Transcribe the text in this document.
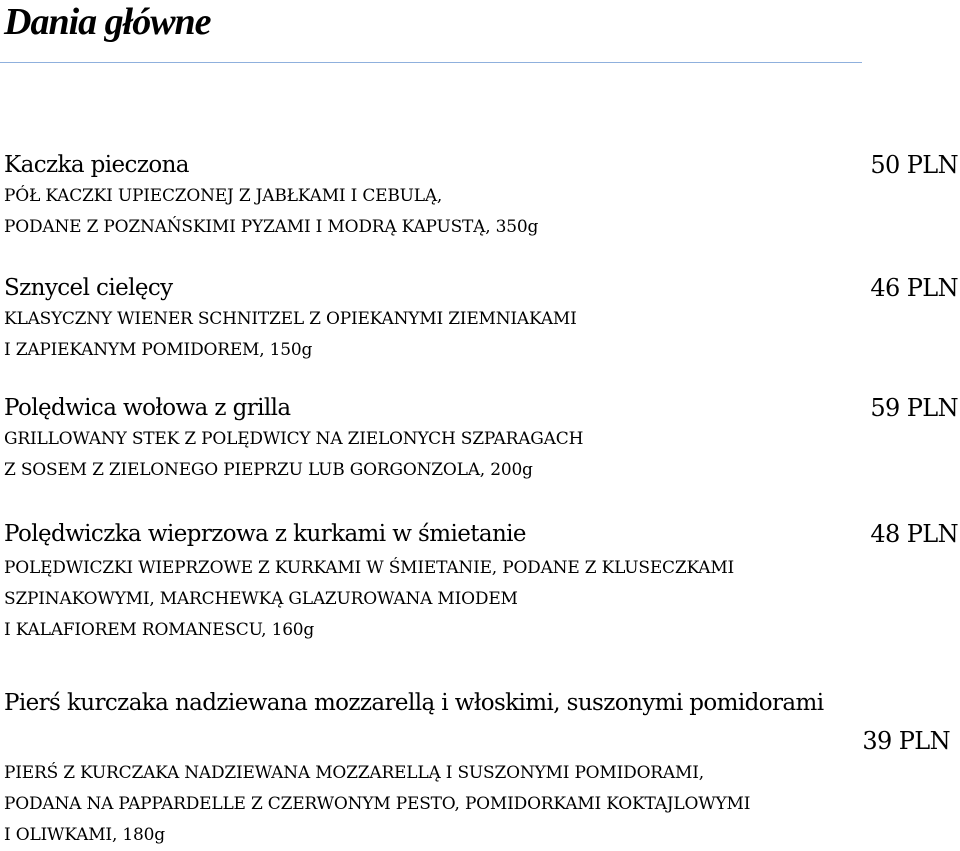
Dania główne
Kaczka pieczona	50 PLN
PÓŁ KACZKI UPIECZONEJ Z JABŁKAMI I CEBULĄ,
PODANE Z POZNAŃSKIMI PYZAMI I MODRĄ KAPUSTĄ, 350g
Sznycel cielęcy	46 PLN
KLASYCZNY WIENER SCHNITZEL Z OPIEKANYMI ZIEMNIAKAMI
I ZAPIEKANYM POMIDOREM, 150g
Polędwica wołowa z grilla	59 PLN
GRILLOWANY STEK Z POLĘDWICY NA ZIELONYCH SZPARAGACH
Z SOSEM Z ZIELONEGO PIEPRZU LUB GORGONZOLA, 200g
Polędwiczka wieprzowa z kurkami w śmietanie	48 PLN
POLĘDWICZKI WIEPRZOWE Z KURKAMI W ŚMIETANIE, PODANE Z KLUSECZKAMI
SZPINAKOWYMI, MARCHEWKĄ GLAZUROWANA MIODEM
I KALAFIOREM ROMANESCU, 160g
Pierś kurczaka nadziewana mozzarellą i włoskimi, suszonymi pomidorami
39 PLN
PIERŚ Z KURCZAKA NADZIEWANA MOZZARELLĄ I SUSZONYMI POMIDORAMI,
PODANA NA PAPPARDELLE Z CZERWONYM PESTO, POMIDORKAMI KOKTAJLOWYMI
I OLIWKAMI, 180g
